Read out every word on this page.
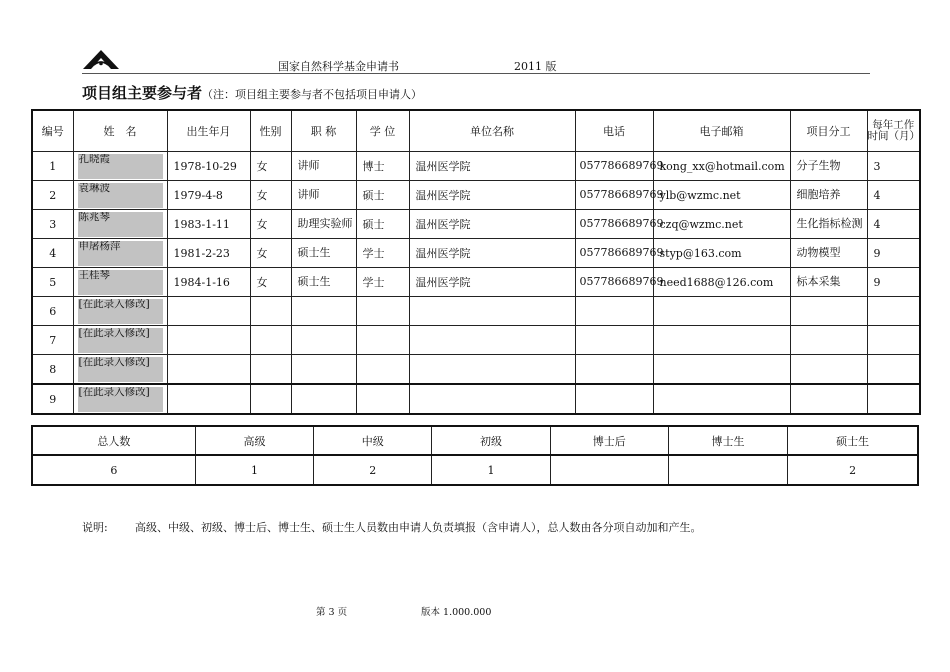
国家自然科学基金申请书	2011 版
项目组主要参与者（注：项目组主要参与者不包括项目申请人）
编号	姓　名	出生年月	性别	职 称	学 位	单位名称	电话	电子邮箱	项目分工	每年工作时间（月）
1	孔晓霞	1978-10-29	女	讲师	博士	温州医学院	057786689769	kong_xx@hotmail.com	分子生物	3
2	袁琳波	1979-4-8	女	讲师	硕士	温州医学院	057786689769	ylb@wzmc.net	细胞培养	4
3	陈兆琴	1983-1-11	女	助理实验师	硕士	温州医学院	057786689769	czq@wzmc.net	生化指标检测	4
4	申屠杨萍	1981-2-23	女	硕士生	学士	温州医学院	057786689769	styp@163.com	动物模型	9
5	王桂琴	1984-1-16	女	硕士生	学士	温州医学院	057786689769	need1688@126.com	标本采集	9
6	[在此录入修改]									

7	[在此录入修改]									

8	[在此录入修改]									

9	[在此录入修改]									

总人数	高级	中级	初级	博士后	博士生	硕士生
6	1	2	1			2
说明: 高级、中级、初级、博士后、博士生、硕士生人员数由申请人负责填报（含申请人），总人数由各分项自动加和产生。
第 3 页	版本 1.000.000
